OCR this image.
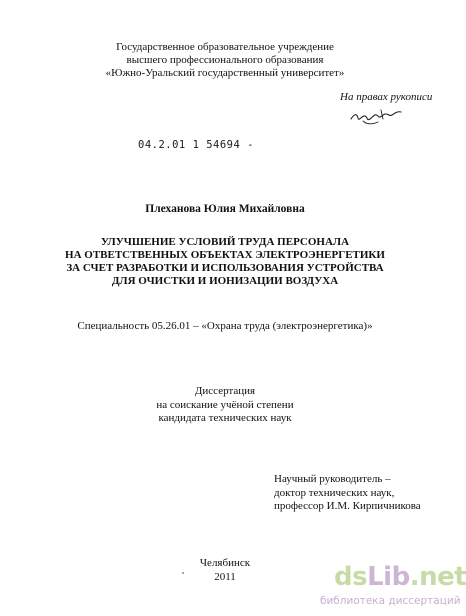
Государственное образовательное учреждение
высшего профессионального образования
«Южно-Уральский государственный университет»
На правах рукописи
04.2.01 1 54694 -
Плеханова Юлия Михайловна
УЛУЧШЕНИЕ УСЛОВИЙ ТРУДА ПЕРСОНАЛА
НА ОТВЕТСТВЕННЫХ ОБЪЕКТАХ ЭЛЕКТРОЭНЕРГЕТИКИ
ЗА СЧЕТ РАЗРАБОТКИ И ИСПОЛЬЗОВАНИЯ УСТРОЙСТВА
ДЛЯ ОЧИСТКИ И ИОНИЗАЦИИ ВОЗДУХА
Специальность 05.26.01 – «Охрана труда (электроэнергетика)»
Диссертация
на соискание учёной степени
кандидата технических наук
Научный руководитель –
доктор технических наук,
профессор И.М. Кирпичникова
Челябинск
2011	dsLib.net
библиотека диссертаций
